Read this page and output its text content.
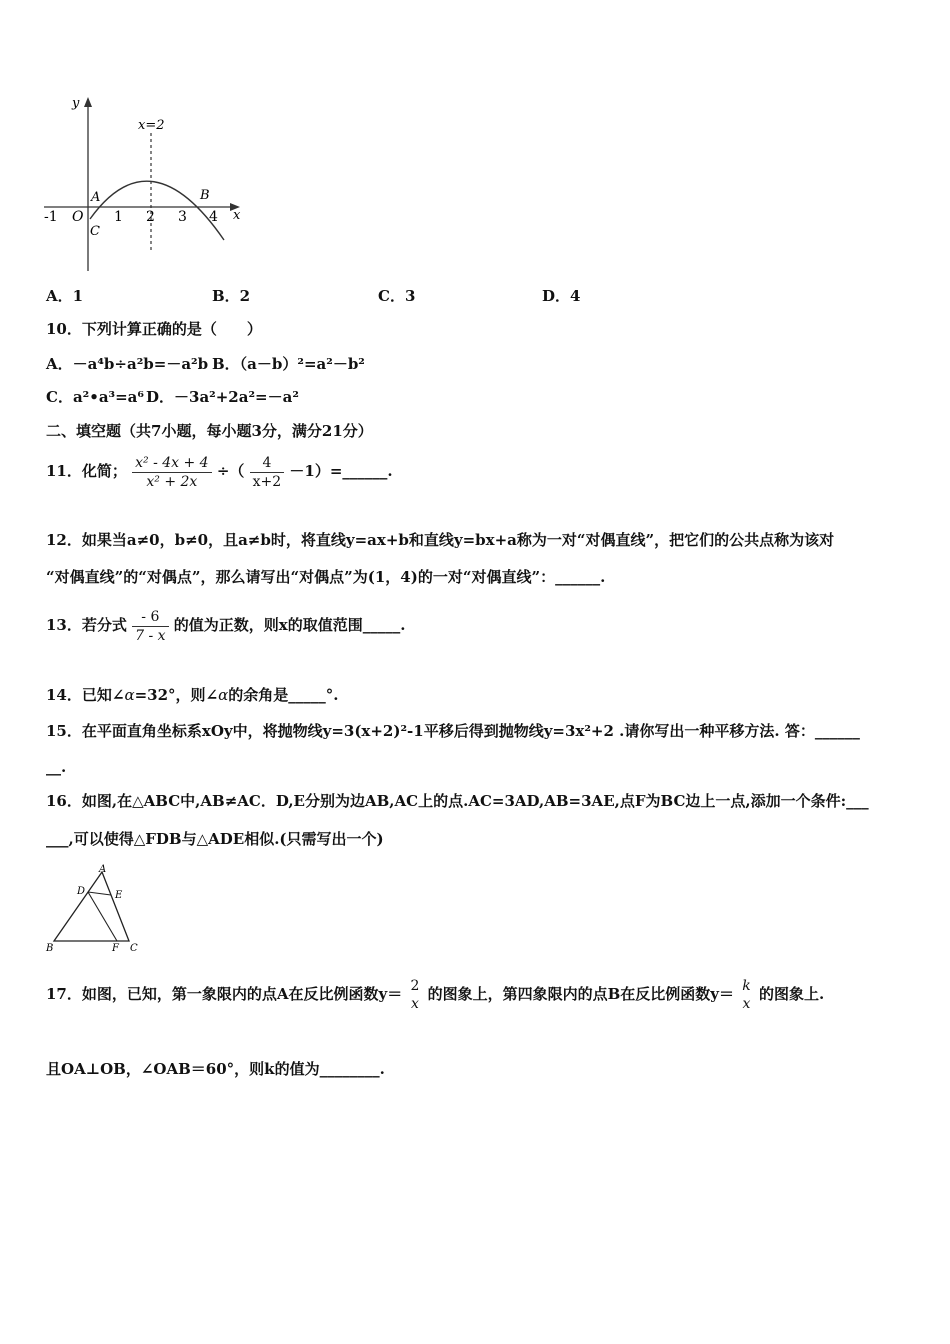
y
x
x=2
-1 O 1 2 3 4
A	B
C
A．1	B．2	C．3	D．4
10．下列计算正确的是（　　）
A．－a⁴b÷a²b=－a²b B．（a－b）²=a²－b²
C．a²•a³=a⁶ D．－3a²+2a²=－a²
二、填空题（共7小题，每小题3分，满分21分）
11．化简； $\frac{\text{x² - 4x + 4}}{\text{x² + 2x}}$ ÷（ $\frac{4}{x+2}$ －1）=______.
12．如果当a≠0，b≠0，且a≠b时，将直线y=ax+b和直线y=bx+a称为一对“对偶直线”，把它们的公共点称为该对
“对偶直线”的“对偶点”，那么请写出“对偶点”为(1，4)的一对“对偶直线”：______.
13．若分式 $\frac{- 6}{7 - x}$ 的值为正数，则x的取值范围_____.
14．已知∠α=32°，则∠α的余角是_____°.
15．在平面直角坐标系xOy中，将抛物线y=3(x+2)²-1平移后得到抛物线y=3x²+2 .请你写出一种平移方法. 答：______
__.
16．如图,在△ABC中,AB≠AC．D,E分别为边AB,AC上的点.AC=3AD,AB=3AE,点F为BC边上一点,添加一个条件:___
___,可以使得△FDB与△ADE相似.(只需写出一个)
A
D	E
B	F C
17．如图，已知，第一象限内的点A在反比例函数y＝ 2
x
的图象上，第四象限内的点B在反比例函数y＝ k
x
的图象上.
且OA⊥OB，∠OAB＝60°，则k的值为________.
